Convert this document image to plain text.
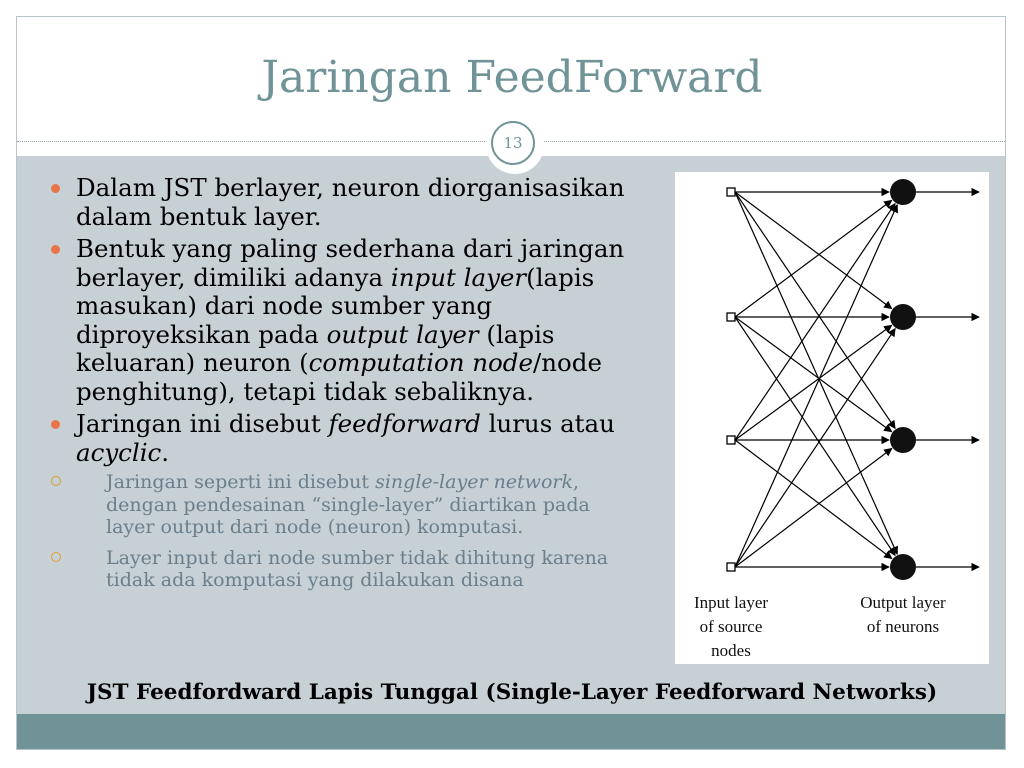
Jaringan FeedForward
13
Dalam JST berlayer, neuron diorganisasikan dalam bentuk layer.
Bentuk yang paling sederhana dari jaringan berlayer, dimiliki adanya input layer(lapis masukan) dari node sumber yang diproyeksikan pada output layer (lapis keluaran) neuron (computation node/node penghitung), tetapi tidak sebaliknya.
Jaringan ini disebut feedforward lurus atau acyclic.
Jaringan seperti ini disebut single-layer network, dengan pendesainan “single-layer” diartikan pada layer output dari node (neuron) komputasi.
Layer input dari node sumber tidak dihitung karena tidak ada komputasi yang dilakukan disana
Input layer
of source
nodes
Output layer
of neurons
JST Feedfordward Lapis Tunggal (Single-Layer Feedforward Networks)
